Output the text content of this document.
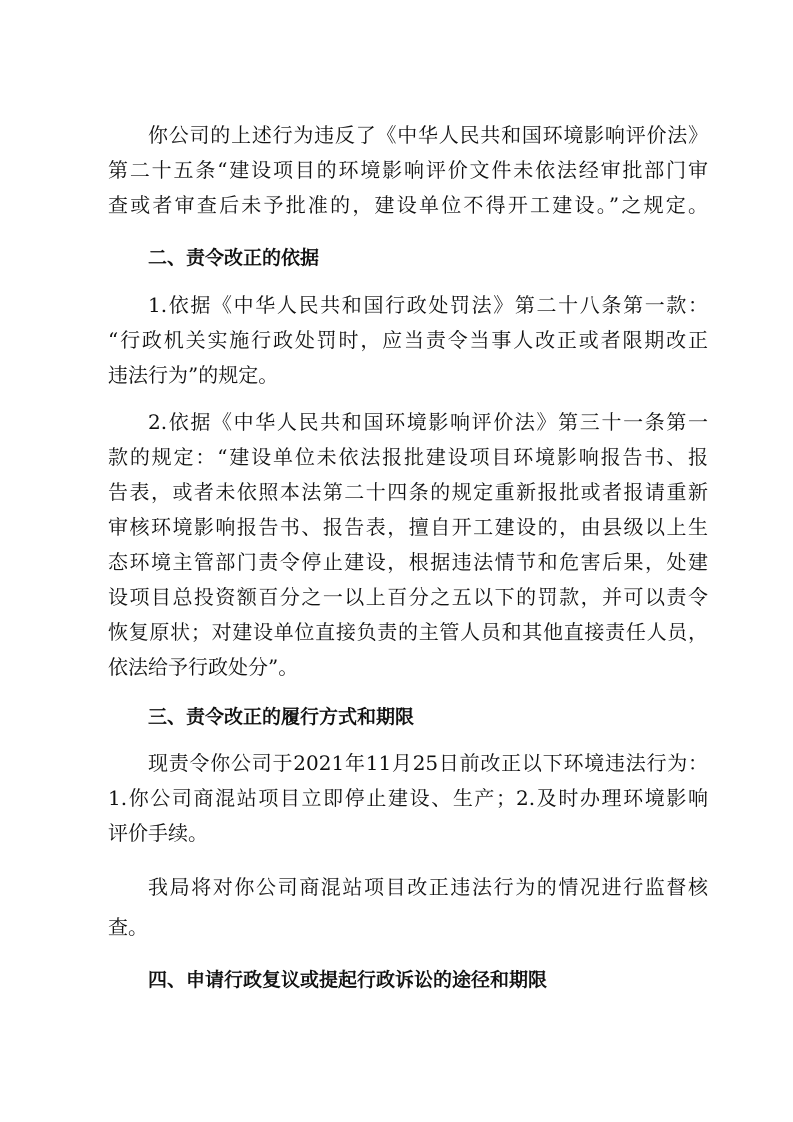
你公司的上述行为违反了《中华人民共和国环境影响评价法》
第二十五条“建设项目的环境影响评价文件未依法经审批部门审
查或者审查后未予批准的，建设单位不得开工建设。”之规定。
二、责令改正的依据
1.依据《中华人民共和国行政处罚法》第二十八条第一款：
“行政机关实施行政处罚时，应当责令当事人改正或者限期改正
违法行为”的规定。
2.依据《中华人民共和国环境影响评价法》第三十一条第一
款的规定：“建设单位未依法报批建设项目环境影响报告书、报
告表，或者未依照本法第二十四条的规定重新报批或者报请重新
审核环境影响报告书、报告表，擅自开工建设的，由县级以上生
态环境主管部门责令停止建设，根据违法情节和危害后果，处建
设项目总投资额百分之一以上百分之五以下的罚款，并可以责令
恢复原状；对建设单位直接负责的主管人员和其他直接责任人员，
依法给予行政处分”。
三、责令改正的履行方式和期限
现责令你公司于2021年11月25日前改正以下环境违法行为：
1.你公司商混站项目立即停止建设、生产；2.及时办理环境影响
评价手续。
我局将对你公司商混站项目改正违法行为的情况进行监督核
查。
四、申请行政复议或提起行政诉讼的途径和期限
